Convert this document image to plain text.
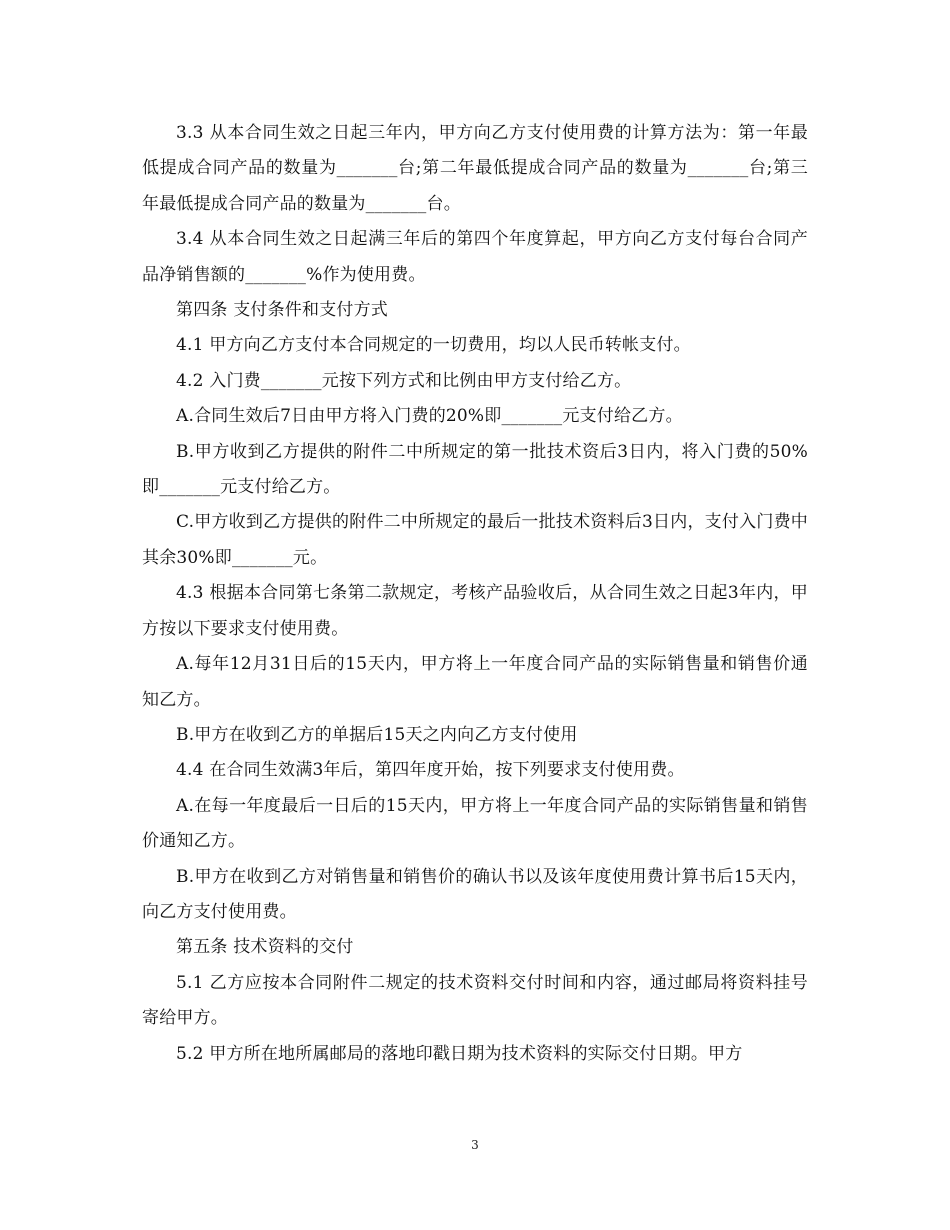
3.3 从本合同生效之日起三年内，甲方向乙方支付使用费的计算方法为：第一年最低提成合同产品的数量为_______台;第二年最低提成合同产品的数量为_______台;第三年最低提成合同产品的数量为_______台。

3.4 从本合同生效之日起满三年后的第四个年度算起，甲方向乙方支付每台合同产品净销售额的_______%作为使用费。

第四条 支付条件和支付方式

4.1 甲方向乙方支付本合同规定的一切费用，均以人民币转帐支付。

4.2 入门费_______元按下列方式和比例由甲方支付给乙方。

A.合同生效后7日由甲方将入门费的20%即_______元支付给乙方。

B.甲方收到乙方提供的附件二中所规定的第一批技术资后3日内，将入门费的50%即_______元支付给乙方。

C.甲方收到乙方提供的附件二中所规定的最后一批技术资料后3日内，支付入门费中其余30%即_______元。

4.3 根据本合同第七条第二款规定，考核产品验收后，从合同生效之日起3年内，甲方按以下要求支付使用费。

A.每年12月31日后的15天内，甲方将上一年度合同产品的实际销售量和销售价通知乙方。

B.甲方在收到乙方的单据后15天之内向乙方支付使用

4.4 在合同生效满3年后，第四年度开始，按下列要求支付使用费。

A.在每一年度最后一日后的15天内，甲方将上一年度合同产品的实际销售量和销售价通知乙方。

B.甲方在收到乙方对销售量和销售价的确认书以及该年度使用费计算书后15天内，向乙方支付使用费。

第五条 技术资料的交付

5.1 乙方应按本合同附件二规定的技术资料交付时间和内容，通过邮局将资料挂号寄给甲方。

5.2 甲方所在地所属邮局的落地印戳日期为技术资料的实际交付日期。甲方

3
